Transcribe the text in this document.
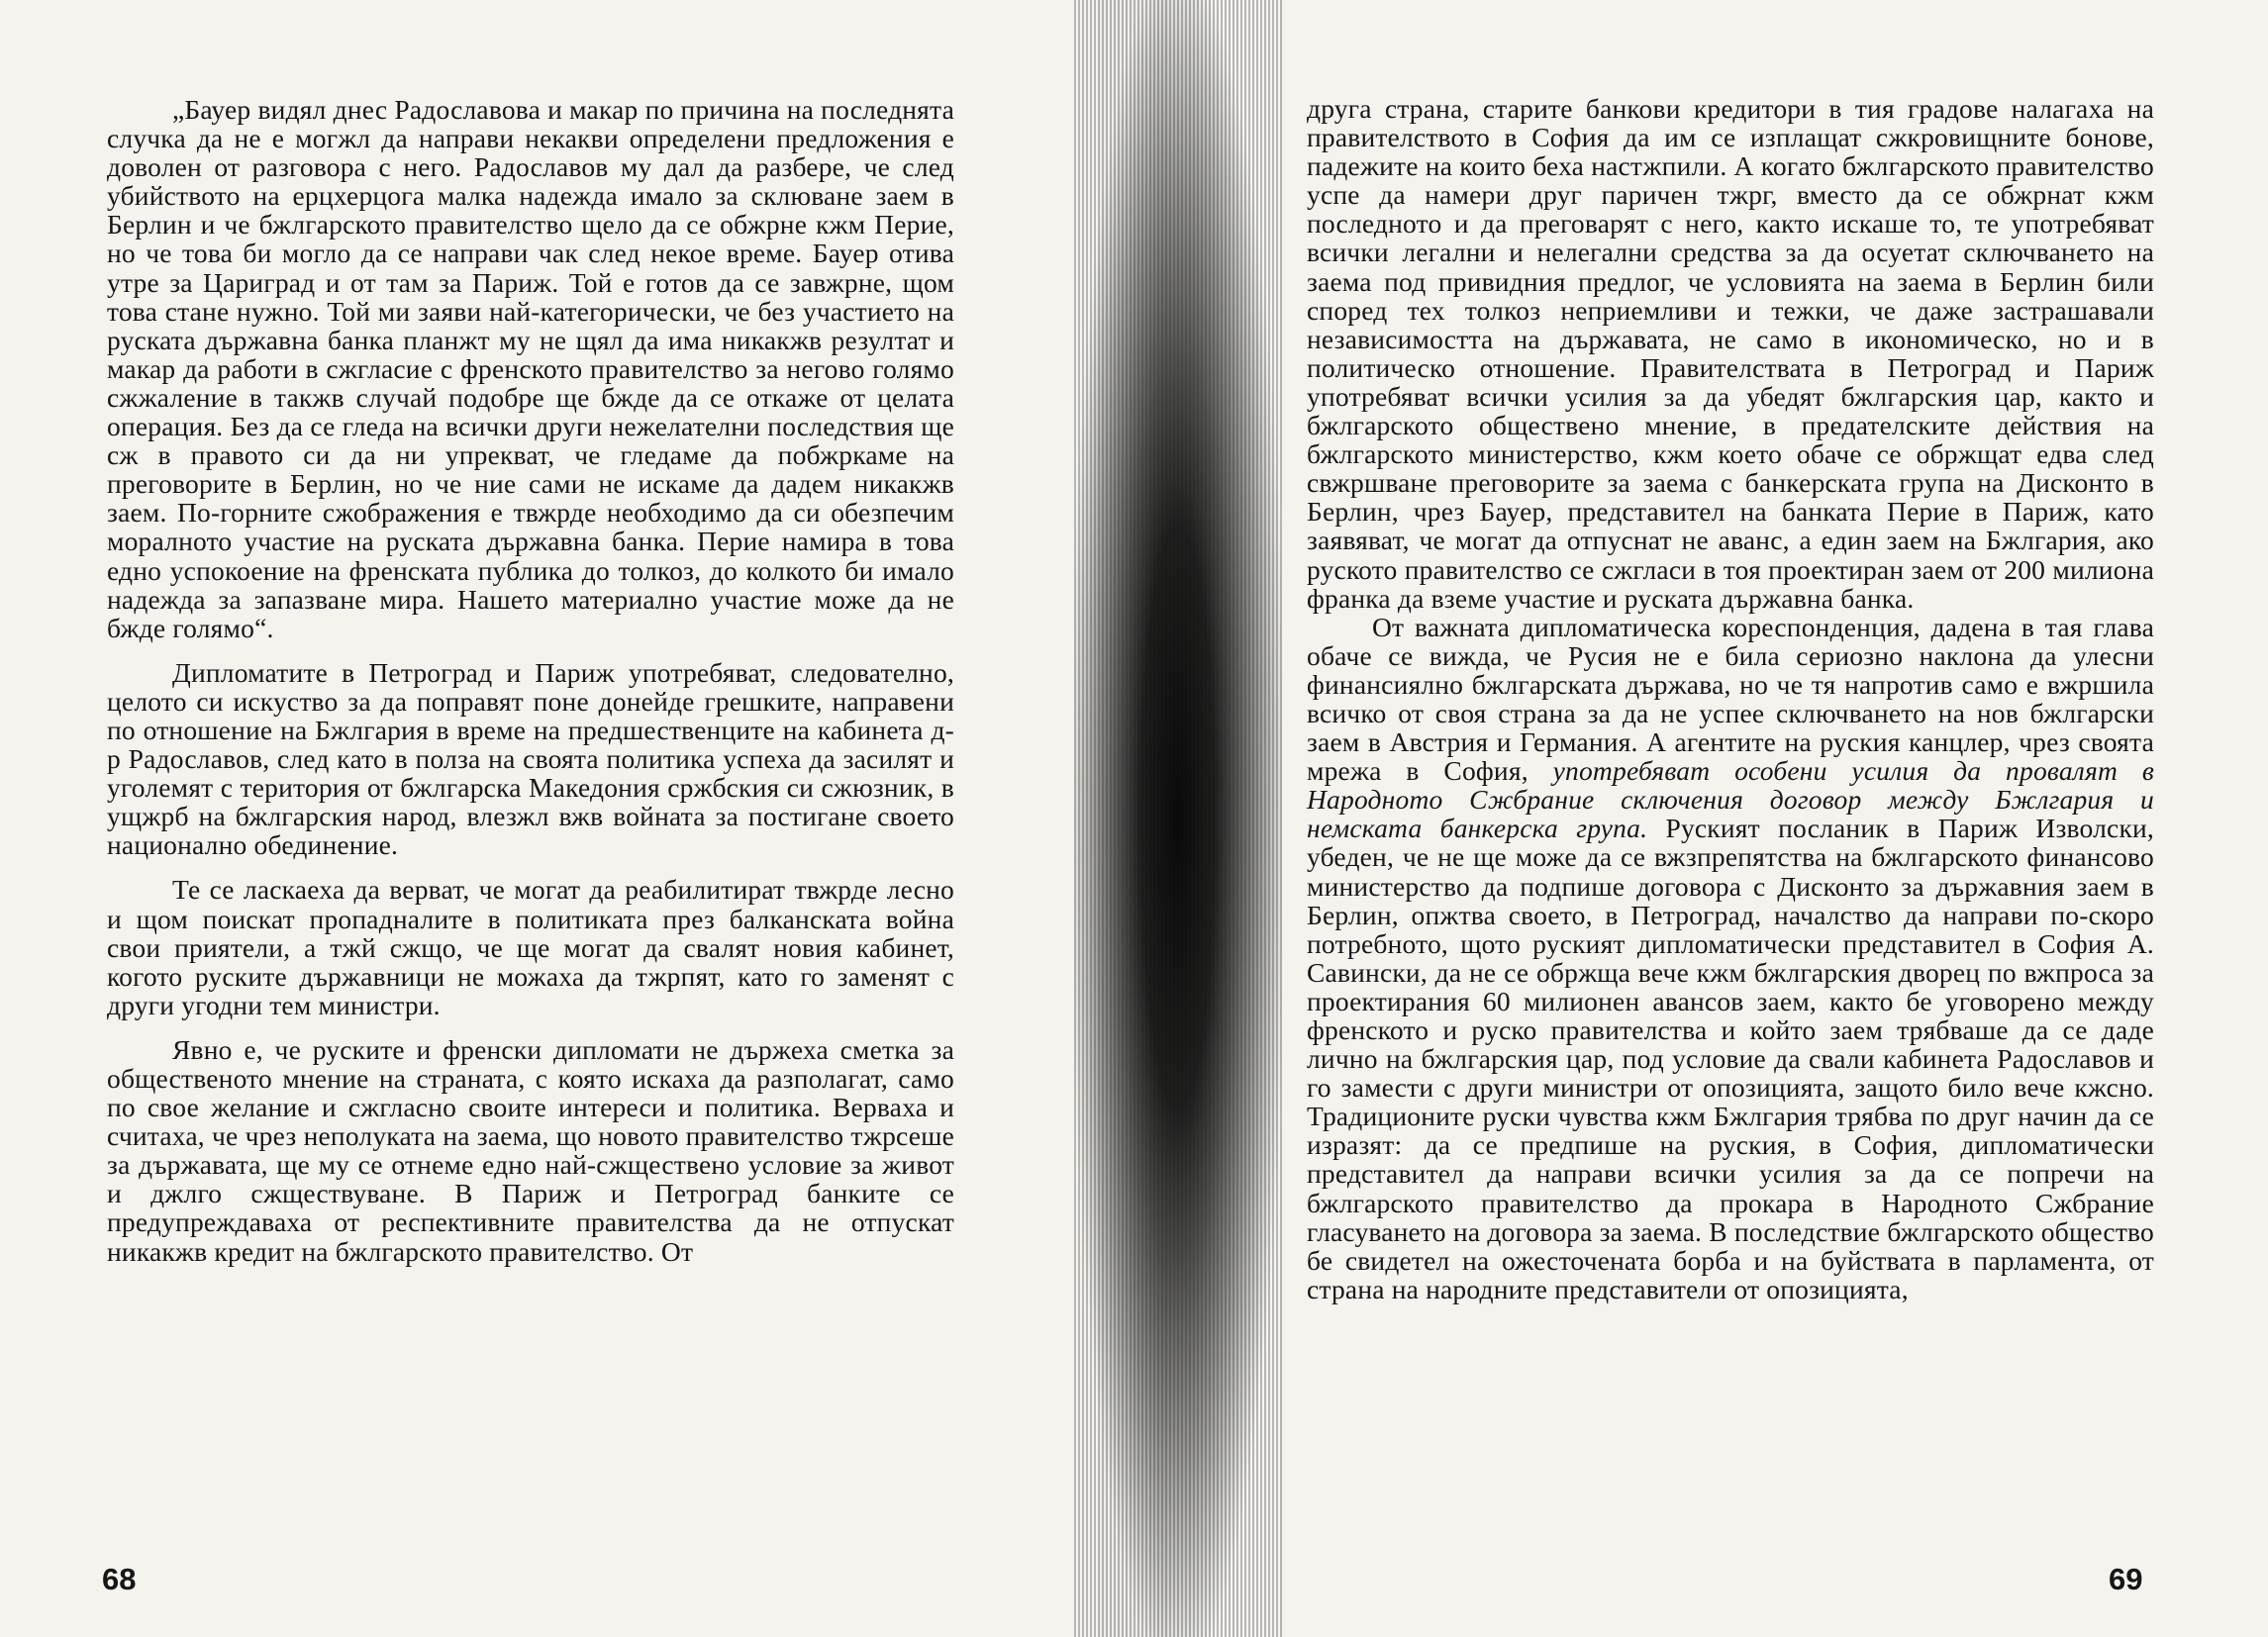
„Бауер видял днес Радославова и макар по причина на последнята случка да не е могжл да направи некакви определени предложения е доволен от разговора с него. Радославов му дал да разбере, че след убийството на ерцхерцога малка надежда имало за склюване заем в Берлин и че бжлгарското правителство щело да се обжрне кжм Перие, но че това би могло да се направи чак след некое време. Бауер отива утре за Цариград и от там за Париж. Той е готов да се завжрне, щом това стане нужно. Той ми заяви най-категорически, че без участието на руската държавна банка планжт му не щял да има никакжв резултат и макар да работи в сжгласие с френското правителство за негово голямо сжжаление в такжв случай подобре ще бжде да се откаже от целата операция. Без да се гледа на всички други нежелателни последствия ще сж в правото си да ни упрекват, че гледаме да побжркаме на преговорите в Берлин, но че ние сами не искаме да дадем никакжв заем. По-горните сжображения е твжрде необходимо да си обезпечим моралното участие на руската държавна банка. Перие намира в това едно успокоение на френската публика до толкоз, до колкото би имало надежда за запазване мира. Нашето материално участие може да не бжде голямо“.

Дипломатите в Петроград и Париж употребяват, следователно, целото си искуство за да поправят поне донейде грешките, направени по отношение на Бжлгария в време на предшественците на кабинета д-р Радославов, след като в полза на своята политика успеха да засилят и уголемят с територия от бжлгарска Македония сржбския си сжюзник, в ущжрб на бжлгарския народ, влезжл вжв войната за постигане своето национално обединение.

Те се ласкаеха да верват, че могат да реабилитират твжрде лесно и щом поискат пропадналите в политиката през балканската война свои приятели, а тжй сжщо, че ще могат да свалят новия кабинет, когото руските държавници не можаха да тжрпят, като го заменят с други угодни тем министри.

Явно е, че руските и френски дипломати не държеха сметка за общественото мнение на страната, с която искаха да разполагат, само по свое желание и сжгласно своите интереси и политика. Верваха и считаха, че чрез неполуката на заема, що новото правителство тжрсеше за държавата, ще му се отнеме едно най-сжществено условие за живот и джлго сжществуване. В Париж и Петроград банките се предупреждаваха от респективните правителства да не отпускат никакжв кредит на бжлгарското правителство. От

68

друга страна, старите банкови кредитори в тия градове налагаха на правителството в София да им се изплащат сжкровищните бонове, падежите на които беха настжпили. А когато бжлгарското правителство успе да намери друг паричен тжрг, вместо да се обжрнат кжм последното и да преговарят с него, както искаше то, те употребяват всички легални и нелегални средства за да осуетат сключването на заема под привидния предлог, че условията на заема в Берлин били според тех толкоз неприемливи и тежки, че даже застрашавали независимостта на държавата, не само в икономическо, но и в политическо отношение. Правителствата в Петроград и Париж употребяват всички усилия за да убедят бжлгарския цар, както и бжлгарското обществено мнение, в предателските действия на бжлгарското министерство, кжм което обаче се обржщат едва след свжршване преговорите за заема с банкерската група на Дисконто в Берлин, чрез Бауер, представител на банката Перие в Париж, като заявяват, че могат да отпуснат не аванс, а един заем на Бжлгария, ако руското правителство се сжгласи в тоя проектиран заем от 200 милиона франка да вземе участие и руската държавна банка.

От важната дипломатическа кореспонденция, дадена в тая глава обаче се вижда, че Русия не е била сериозно наклона да улесни финансиялно бжлгарската държава, но че тя напротив само е вжршила всичко от своя страна за да не успее сключването на нов бжлгарски заем в Австрия и Германия. А агентите на руския канцлер, чрез своята мрежа в София, употребяват особени усилия да провалят в Народното Сжбрание сключения договор между Бжлгария и немската банкерска група. Руският посланик в Париж Изволски, убеден, че не ще може да се вжзпрепятства на бжлгарското финансово министерство да подпише договора с Дисконто за държавния заем в Берлин, опжтва своето, в Петроград, началство да направи по-скоро потребното, щото руският дипломатически представител в София А. Савински, да не се обржща вече кжм бжлгарския дворец по вжпроса за проектирания 60 милионен авансов заем, както бе уговорено между френското и руско правителства и който заем трябваше да се даде лично на бжлгарския цар, под условие да свали кабинета Радославов и го замести с други министри от опозицията, защото било вече кжсно. Традиционите руски чувства кжм Бжлгария трябва по друг начин да се изразят: да се предпише на руския, в София, дипломатически представител да направи всички усилия за да се попречи на бжлгарското правителство да прокара в Народното Сжбрание гласуването на договора за заема. В последствие бжлгарското общество бе свидетел на ожесточената борба и на буйствата в парламента, от страна на народните представители от опозицията,

69
